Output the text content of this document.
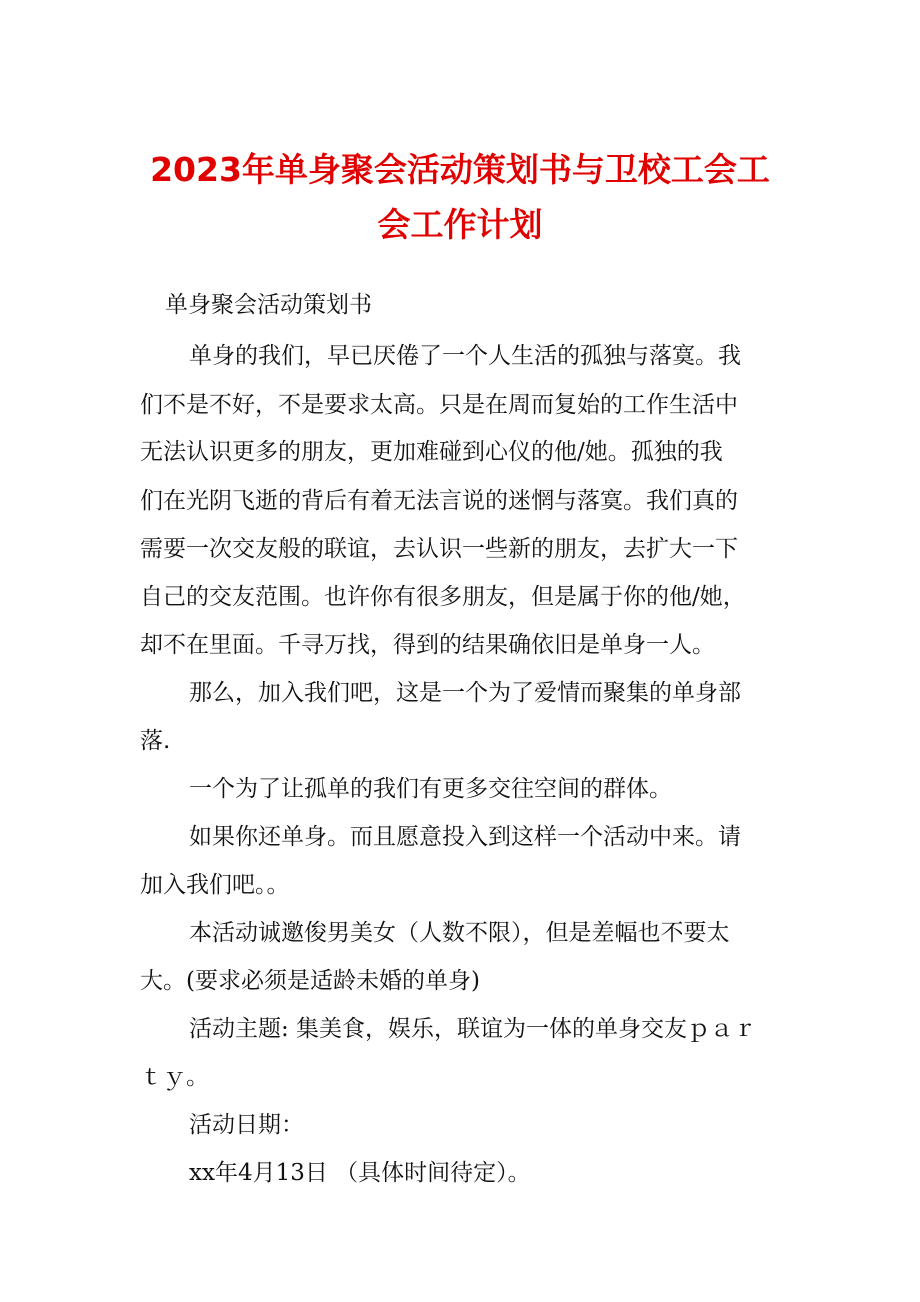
2023年单身聚会活动策划书与卫校工会工
会工作计划

单身聚会活动策划书

单身的我们，早已厌倦了一个人生活的孤独与落寞。我

们不是不好，不是要求太高。只是在周而复始的工作生活中

无法认识更多的朋友，更加难碰到心仪的他/她。孤独的我

们在光阴飞逝的背后有着无法言说的迷惘与落寞。我们真的

需要一次交友般的联谊，去认识一些新的朋友，去扩大一下

自己的交友范围。也许你有很多朋友，但是属于你的他/她，

却不在里面。千寻万找，得到的结果确依旧是单身一人。

那么，加入我们吧，这是一个为了爱情而聚集的单身部

落.

一个为了让孤单的我们有更多交往空间的群体。

如果你还单身。而且愿意投入到这样一个活动中来。请

加入我们吧。。

本活动诚邀俊男美女（人数不限），但是差幅也不要太

大。(要求必须是适龄未婚的单身)

活动主题: 集美食，娱乐，联谊为一体的单身交友ｐａｒ

ｔｙ。

活动日期：

xx年4月13日 （具体时间待定）。
